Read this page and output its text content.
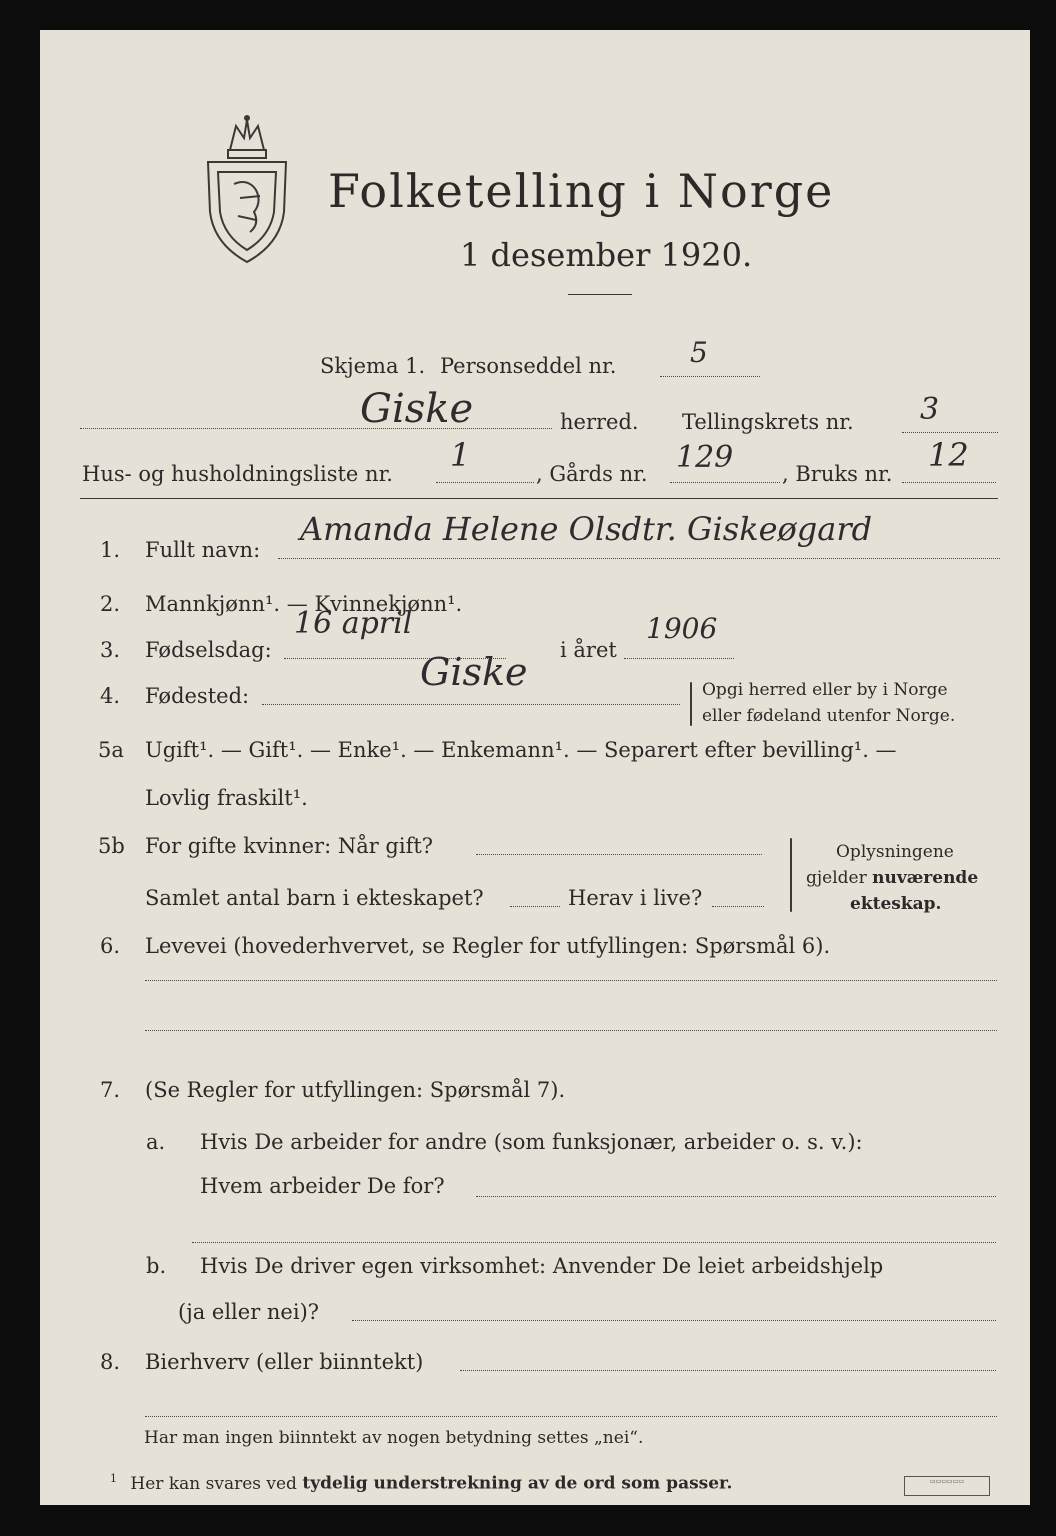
Folketelling i Norge
1 desember 1920.
Skjema 1. Personseddel nr.	5
Giske	herred. Tellingskrets nr. 3
Hus- og husholdningsliste nr. 1	, Gårds nr. 129 , Bruks nr. 12
1. Fullt navn:
Amanda Helene Olsdtr. Giskeøgard
2. Mannkjønn¹. — Kvinnekjønn¹.
3. Fødselsdag:
16 april
i året
1906
4. Fødested:
Giske	Opgi herred eller by i Norge
eller fødeland utenfor Norge.
5a Ugift¹. — Gift¹. — Enke¹. — Enkemann¹. — Separert efter bevilling¹. —
Lovlig fraskilt¹.
5b For gifte kvinner: Når gift?
Samlet antal barn i ekteskapet?	Herav i live?
Oplysningene
gjelder nuværende
ekteskap.
6. Levevei (hovederhvervet, se Regler for utfyllingen: Spørsmål 6).
7. (Se Regler for utfyllingen: Spørsmål 7).
a. Hvis De arbeider for andre (som funksjonær, arbeider o. s. v.):
Hvem arbeider De for?
b. Hvis De driver egen virksomhet: Anvender De leiet arbeidshjelp
(ja eller nei)?
8. Bierhverv (eller biinntekt)
Har man ingen biinntekt av nogen betydning settes „nei“.
$^1$ Her kan svares ved tydelig understrekning av de ord som passer.	▭▭▭▭▭▭
